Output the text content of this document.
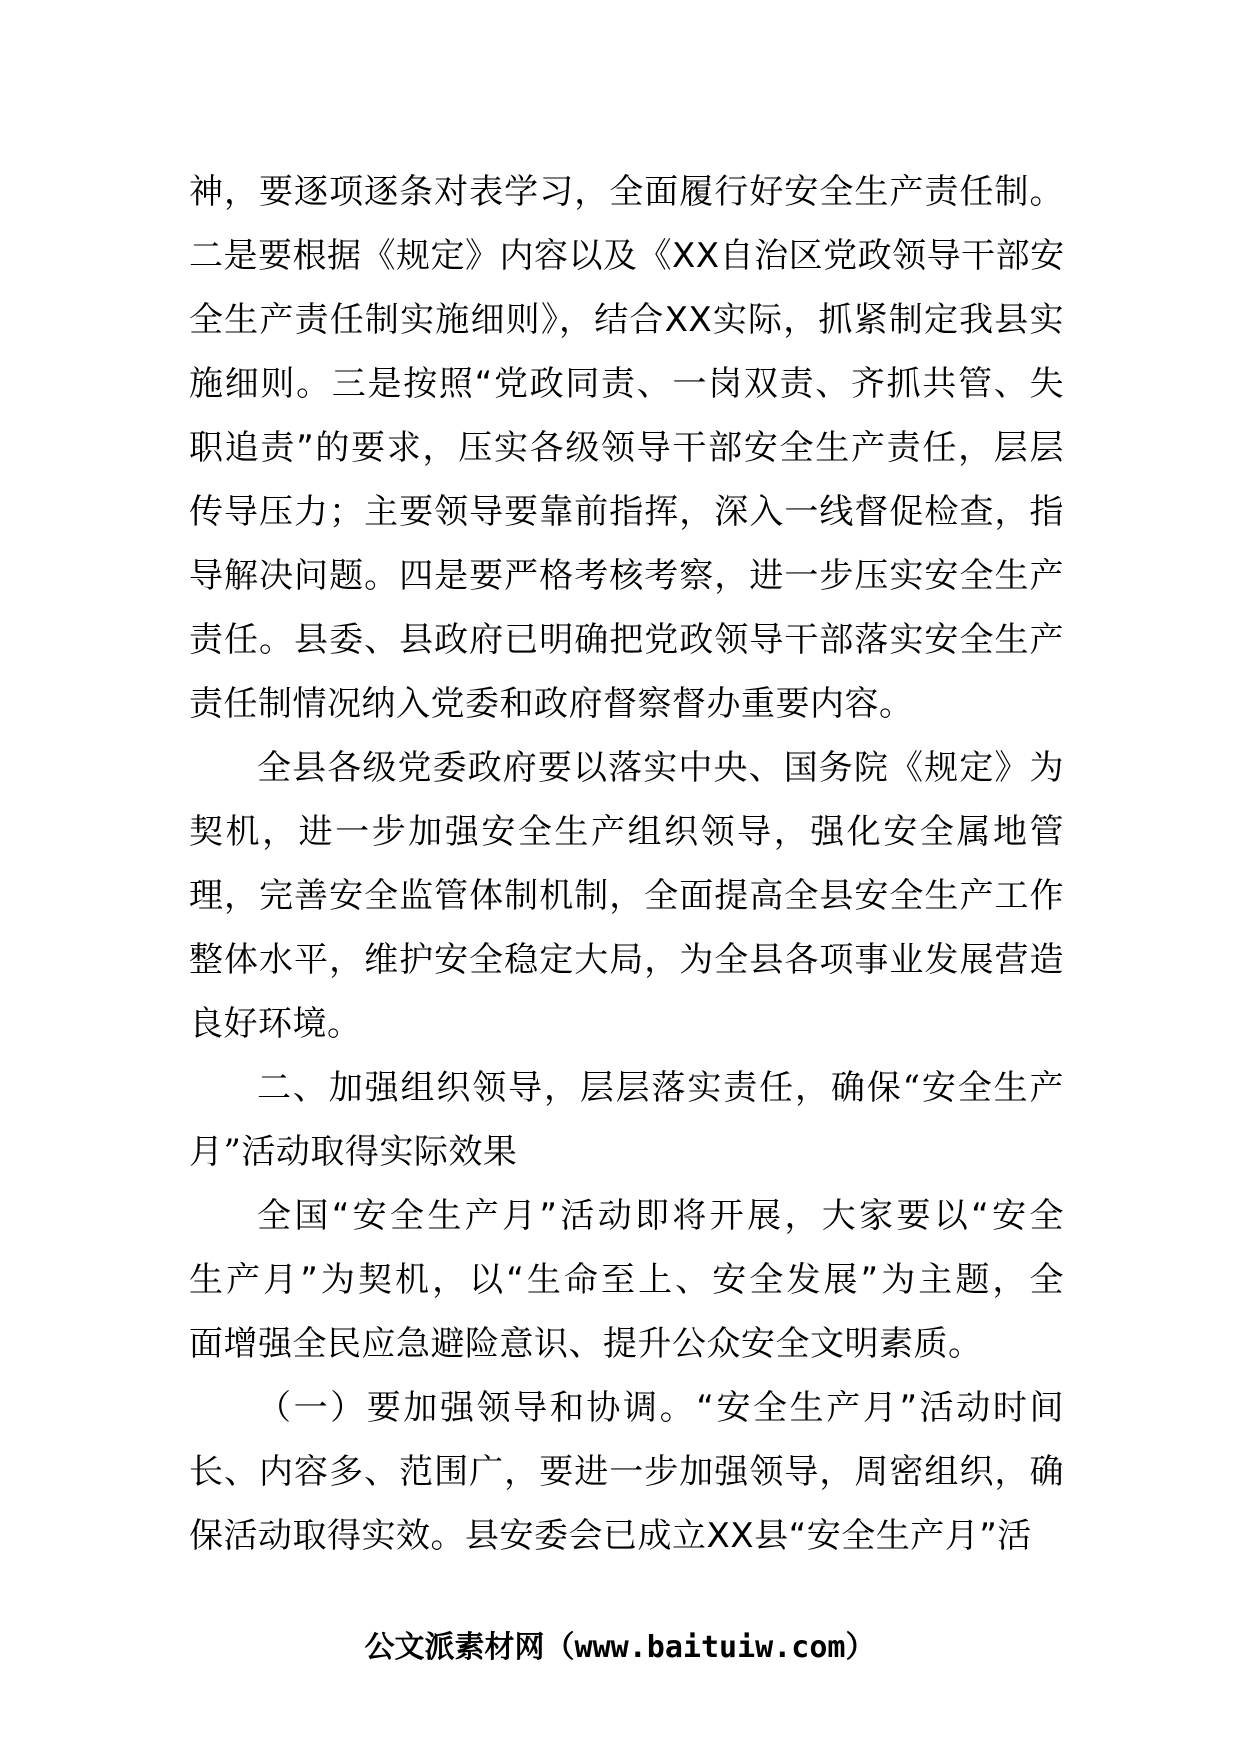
神，要逐项逐条对表学习，全面履行好安全生产责任制。
二是要根据《规定》内容以及《XX自治区党政领导干部安
全生产责任制实施细则》，结合XX实际，抓紧制定我县实
施细则。三是按照“党政同责、一岗双责、齐抓共管、失
职追责”的要求，压实各级领导干部安全生产责任，层层
传导压力；主要领导要靠前指挥，深入一线督促检查，指
导解决问题。四是要严格考核考察，进一步压实安全生产
责任。县委、县政府已明确把党政领导干部落实安全生产
责任制情况纳入党委和政府督察督办重要内容。
全县各级党委政府要以落实中央、国务院《规定》为
契机，进一步加强安全生产组织领导，强化安全属地管
理，完善安全监管体制机制，全面提高全县安全生产工作
整体水平，维护安全稳定大局，为全县各项事业发展营造
良好环境。
二、加强组织领导，层层落实责任，确保“安全生产
月”活动取得实际效果
全国“安全生产月”活动即将开展，大家要以“安全
生产月”为契机，以“生命至上、安全发展”为主题，全
面增强全民应急避险意识、提升公众安全文明素质。
（一）要加强领导和协调。“安全生产月”活动时间
长、内容多、范围广，要进一步加强领导，周密组织，确
保活动取得实效。县安委会已成立XX县“安全生产月”活
公文派素材网（www.baituiw.com）
